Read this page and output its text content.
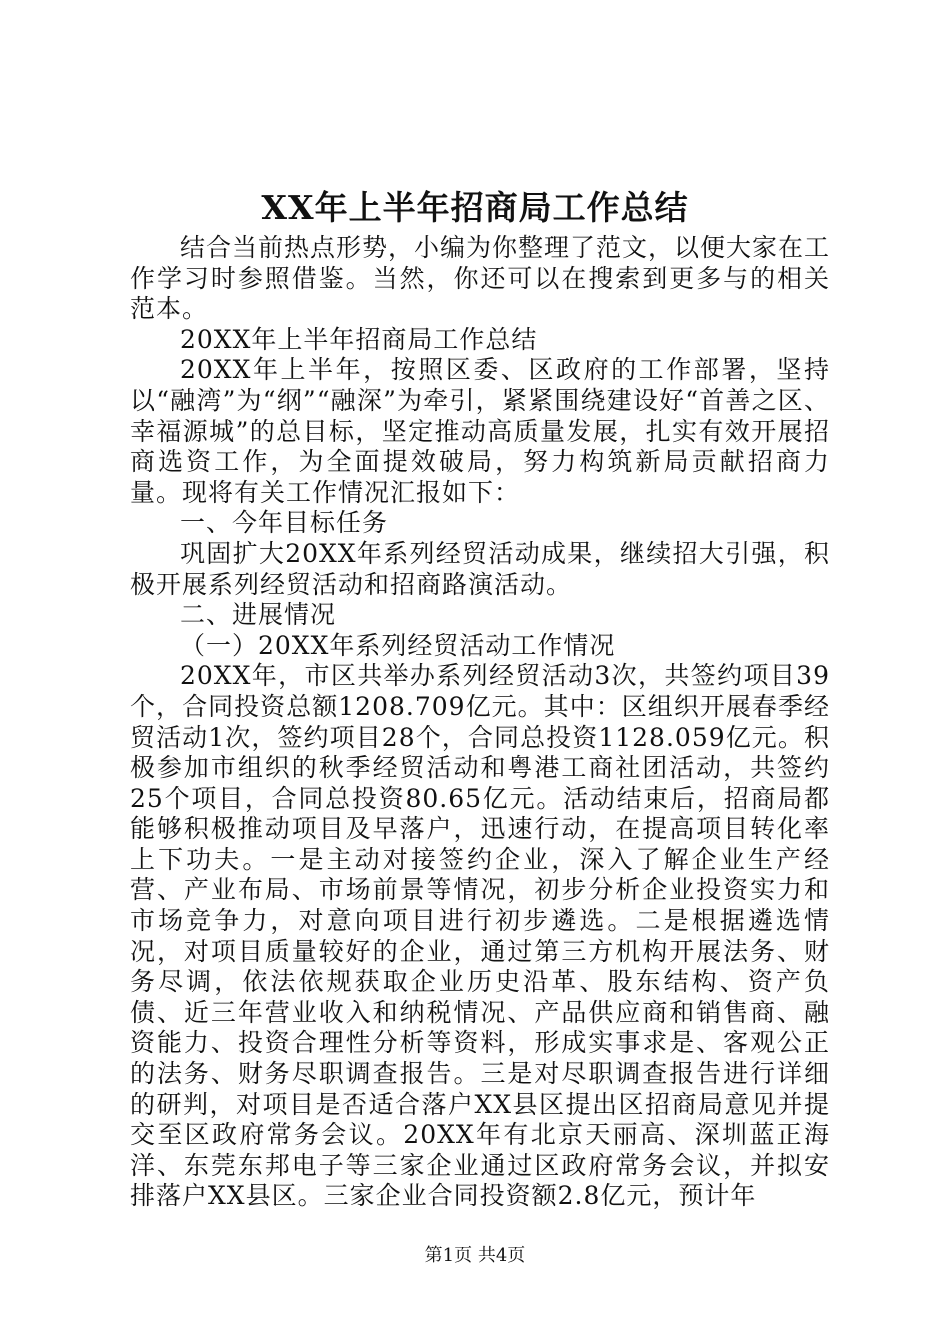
XX年上半年招商局工作总结

结合当前热点形势，小编为你整理了范文，以便大家在工作学习时参照借鉴。当然，你还可以在搜索到更多与的相关范本。

20XX年上半年招商局工作总结

20XX年上半年，按照区委、区政府的工作部署，坚持以“融湾”为“纲”“融深”为牵引，紧紧围绕建设好“首善之区、幸福源城”的总目标，坚定推动高质量发展，扎实有效开展招商选资工作，为全面提效破局，努力构筑新局贡献招商力量。现将有关工作情况汇报如下：

一、今年目标任务

巩固扩大20XX年系列经贸活动成果，继续招大引强，积极开展系列经贸活动和招商路演活动。

二、进展情况

（一）20XX年系列经贸活动工作情况

20XX年，市区共举办系列经贸活动3次，共签约项目39个，合同投资总额1208.709亿元。其中：区组织开展春季经贸活动1次，签约项目28个，合同总投资1128.059亿元。积极参加市组织的秋季经贸活动和粤港工商社团活动，共签约25个项目，合同总投资80.65亿元。活动结束后，招商局都能够积极推动项目及早落户，迅速行动，在提高项目转化率上下功夫。一是主动对接签约企业，深入了解企业生产经营、产业布局、市场前景等情况，初步分析企业投资实力和市场竞争力，对意向项目进行初步遴选。二是根据遴选情况，对项目质量较好的企业，通过第三方机构开展法务、财务尽调，依法依规获取企业历史沿革、股东结构、资产负债、近三年营业收入和纳税情况、产品供应商和销售商、融资能力、投资合理性分析等资料，形成实事求是、客观公正的法务、财务尽职调查报告。三是对尽职调查报告进行详细的研判，对项目是否适合落户XX县区提出区招商局意见并提交至区政府常务会议。20XX年有北京天丽高、深圳蓝正海洋、东莞东邦电子等三家企业通过区政府常务会议，并拟安排落户XX县区。三家企业合同投资额2.8亿元，预计年

第1页 共4页
